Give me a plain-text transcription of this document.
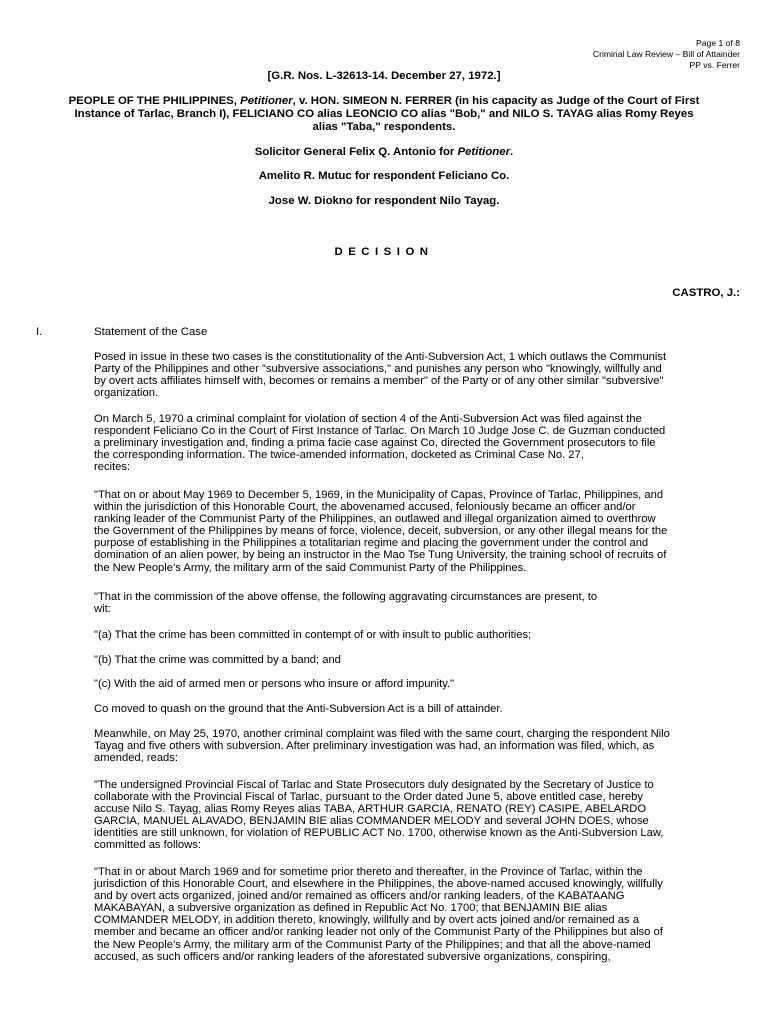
Page 1 of 8
Criminal Law Review – Bill of Attainder
PP vs. Ferrer
[G.R. Nos. L-32613-14. December 27, 1972.]
PEOPLE OF THE PHILIPPINES, Petitioner, v. HON. SIMEON N. FERRER (in his capacity as Judge of the Court of First
Instance of Tarlac, Branch I), FELICIANO CO alias LEONCIO CO alias "Bob," and NILO S. TAYAG alias Romy Reyes
alias "Taba," respondents.
Solicitor General Felix Q. Antonio for Petitioner.
Amelito R. Mutuc for respondent Feliciano Co.
Jose W. Diokno for respondent Nilo Tayag.
DECISION
CASTRO, J.:
I.	Statement of the Case
Posed in issue in these two cases is the constitutionality of the Anti-Subversion Act, 1 which outlaws the Communist
Party of the Philippines and other "subversive associations," and punishes any person who "knowingly, willfully and
by overt acts affiliates himself with, becomes or remains a member" of the Party or of any other similar "subversive"
organization.
On March 5, 1970 a criminal complaint for violation of section 4 of the Anti-Subversion Act was filed against the
respondent Feliciano Co in the Court of First Instance of Tarlac. On March 10 Judge Jose C. de Guzman conducted
a preliminary investigation and, finding a prima facie case against Co, directed the Government prosecutors to file
the corresponding information. The twice-amended information, docketed as Criminal Case No. 27,
recites:
"That on or about May 1969 to December 5, 1969, in the Municipality of Capas, Province of Tarlac, Philippines, and
within the jurisdiction of this Honorable Court, the abovenamed accused, feloniously became an officer and/or
ranking leader of the Communist Party of the Philippines, an outlawed and illegal organization aimed to overthrow
the Government of the Philippines by means of force, violence, deceit, subversion, or any other illegal means for the
purpose of establishing in the Philippines a totalitarian regime and placing the government under the control and
domination of an alien power, by being an instructor in the Mao Tse Tung University, the training school of recruits of
the New People’s Army, the military arm of the said Communist Party of the Philippines.
"That in the commission of the above offense, the following aggravating circumstances are present, to
wit:
"(a) That the crime has been committed in contempt of or with insult to public authorities;
"(b) That the crime was committed by a band; and
"(c) With the aid of armed men or persons who insure or afford impunity."
Co moved to quash on the ground that the Anti-Subversion Act is a bill of attainder.
Meanwhile, on May 25, 1970, another criminal complaint was filed with the same court, charging the respondent Nilo
Tayag and five others with subversion. After preliminary investigation was had, an information was filed, which, as
amended, reads:
"The undersigned Provincial Fiscal of Tarlac and State Prosecutors duly designated by the Secretary of Justice to
collaborate with the Provincial Fiscal of Tarlac, pursuant to the Order dated June 5, above entitled case, hereby
accuse Nilo S. Tayag, alias Romy Reyes alias TABA, ARTHUR GARCIA, RENATO (REY) CASIPE, ABELARDO
GARCIA, MANUEL ALAVADO, BENJAMIN BIE alias COMMANDER MELODY and several JOHN DOES, whose
identities are still unknown, for violation of REPUBLIC ACT No. 1700, otherwise known as the Anti-Subversion Law,
committed as follows:
"That in or about March 1969 and for sometime prior thereto and thereafter, in the Province of Tarlac, within the
jurisdiction of this Honorable Court, and elsewhere in the Philippines, the above-named accused knowingly, willfully
and by overt acts organized, joined and/or remained as officers and/or ranking leaders, of the KABATAANG
MAKABAYAN, a subversive organization as defined in Republic Act No. 1700; that BENJAMIN BIE alias
COMMANDER MELODY, in addition thereto, knowingly, willfully and by overt acts joined and/or remained as a
member and became an officer and/or ranking leader not only of the Communist Party of the Philippines but also of
the New People’s Army, the military arm of the Communist Party of the Philippines; and that all the above-named
accused, as such officers and/or ranking leaders of the aforestated subversive organizations, conspiring,
